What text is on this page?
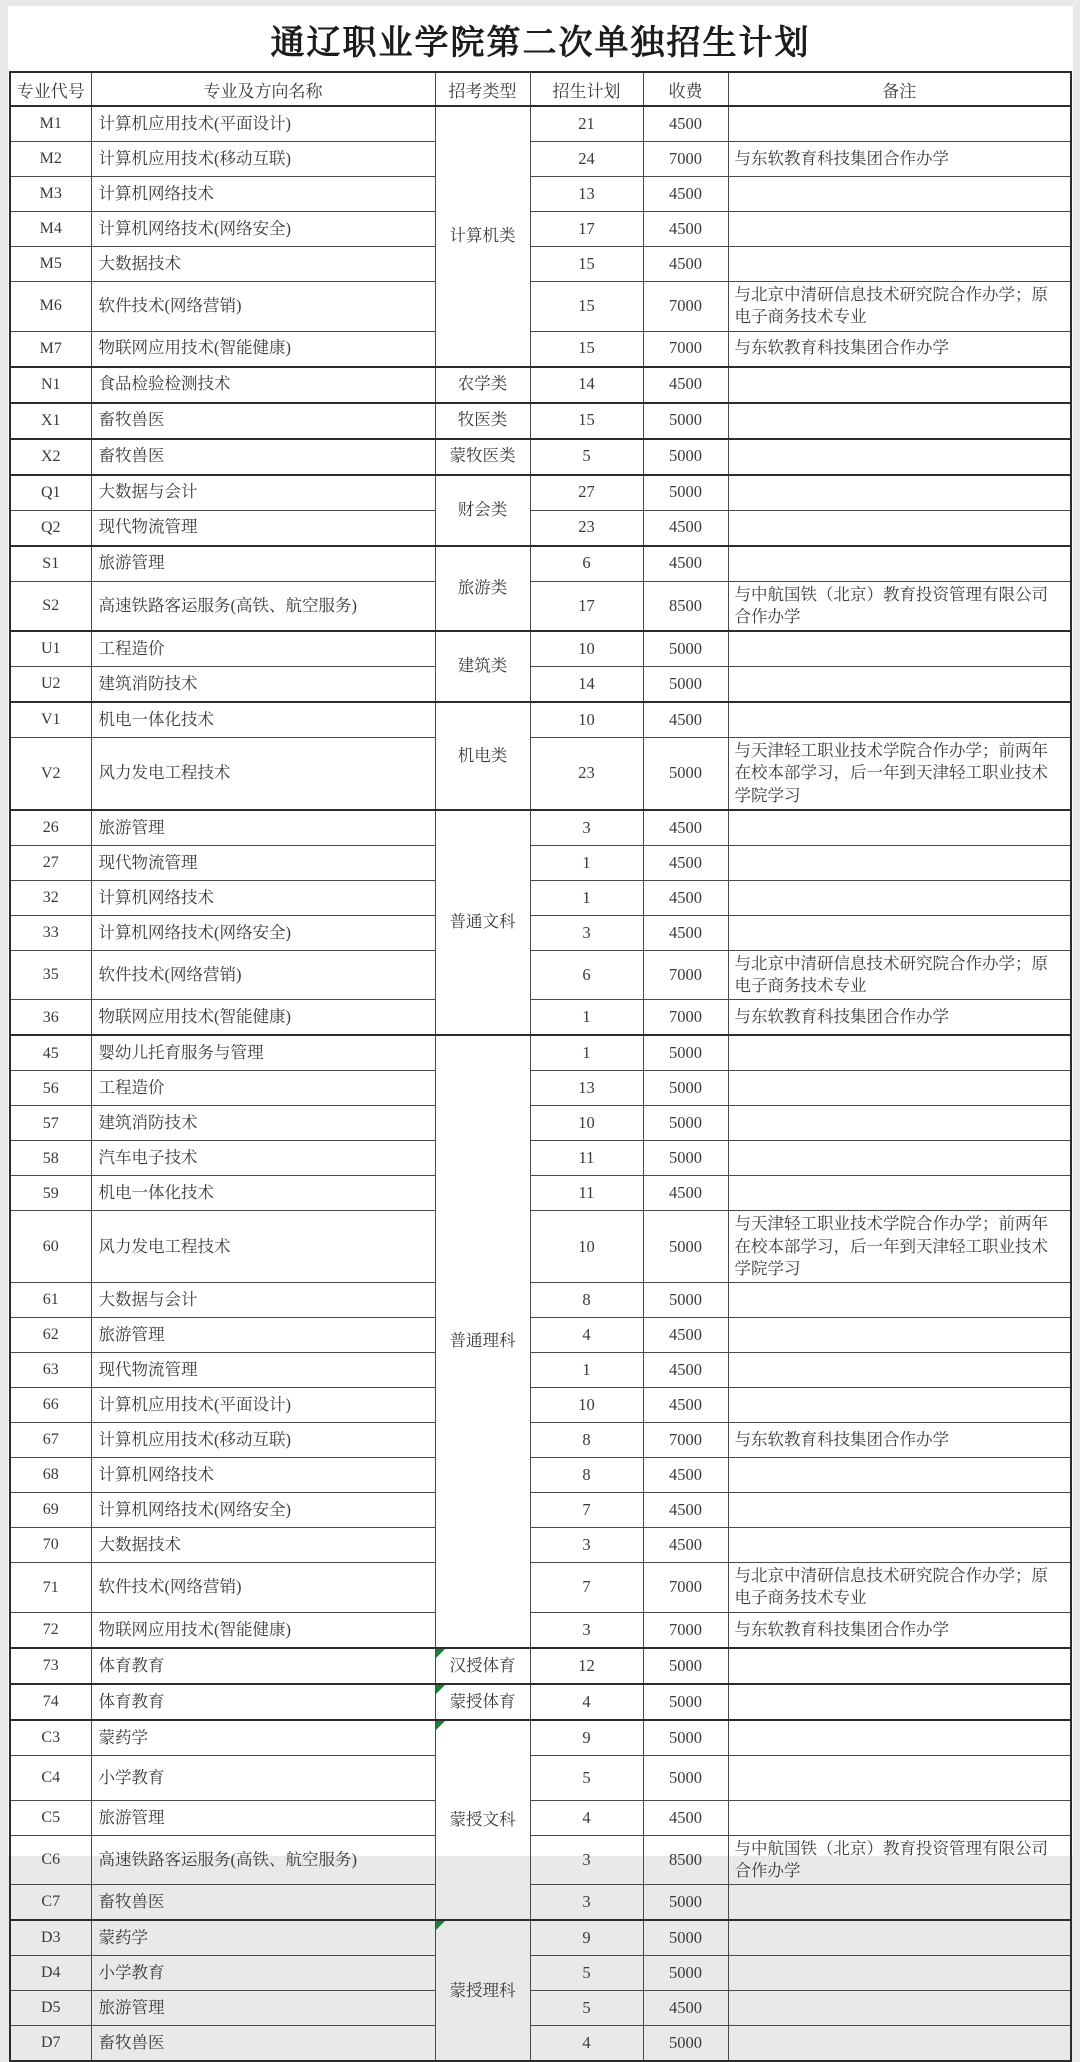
通辽职业学院第二次单独招生计划
专业代号	专业及方向名称	招考类型	招生计划	收费	备注
M1	计算机应用技术(平面设计)	计算机类	21	4500	
M2	计算机应用技术(移动互联)		24	7000	与东软教育科技集团合作办学
M3	计算机网络技术		13	4500	
M4	计算机网络技术(网络安全)		17	4500	
M5	大数据技术		15	4500	
M6	软件技术(网络营销)		15	7000	与北京中清研信息技术研究院合作办学；原电子商务技术专业
M7	物联网应用技术(智能健康)		15	7000	与东软教育科技集团合作办学
N1	食品检验检测技术	农学类	14	4500	
X1	畜牧兽医	牧医类	15	5000	
X2	畜牧兽医	蒙牧医类	5	5000	
Q1	大数据与会计	财会类	27	5000	
Q2	现代物流管理		23	4500	
S1	旅游管理	旅游类	6	4500	
S2	高速铁路客运服务(高铁、航空服务)		17	8500	与中航国铁（北京）教育投资管理有限公司合作办学
U1	工程造价	建筑类	10	5000	
U2	建筑消防技术		14	5000	
V1	机电一体化技术	机电类	10	4500	
V2	风力发电工程技术		23	5000	与天津轻工职业技术学院合作办学；前两年在校本部学习，后一年到天津轻工职业技术学院学习
26	旅游管理	普通文科	3	4500	
27	现代物流管理		1	4500	
32	计算机网络技术		1	4500	
33	计算机网络技术(网络安全)		3	4500	
35	软件技术(网络营销)		6	7000	与北京中清研信息技术研究院合作办学；原电子商务技术专业
36	物联网应用技术(智能健康)		1	7000	与东软教育科技集团合作办学
45	婴幼儿托育服务与管理	普通理科	1	5000	
56	工程造价		13	5000	
57	建筑消防技术		10	5000	
58	汽车电子技术		11	5000	
59	机电一体化技术		11	4500	
60	风力发电工程技术		10	5000	与天津轻工职业技术学院合作办学；前两年在校本部学习，后一年到天津轻工职业技术学院学习
61	大数据与会计		8	5000	
62	旅游管理		4	4500	
63	现代物流管理		1	4500	
66	计算机应用技术(平面设计)		10	4500	
67	计算机应用技术(移动互联)		8	7000	与东软教育科技集团合作办学
68	计算机网络技术		8	4500	
69	计算机网络技术(网络安全)		7	4500	
70	大数据技术		3	4500	
71	软件技术(网络营销)		7	7000	与北京中清研信息技术研究院合作办学；原电子商务技术专业
72	物联网应用技术(智能健康)		3	7000	与东软教育科技集团合作办学
73	体育教育	汉授体育	12	5000	
74	体育教育	蒙授体育	4	5000	
C3	蒙药学	蒙授文科	9	5000	
C4	小学教育		5	5000	
C5	旅游管理		4	4500	
C6	高速铁路客运服务(高铁、航空服务)		3	8500	与中航国铁（北京）教育投资管理有限公司合作办学
C7	畜牧兽医		3	5000	
D3	蒙药学	蒙授理科	9	5000	
D4	小学教育		5	5000	
D5	旅游管理		5	4500	
D7	畜牧兽医		4	5000	
